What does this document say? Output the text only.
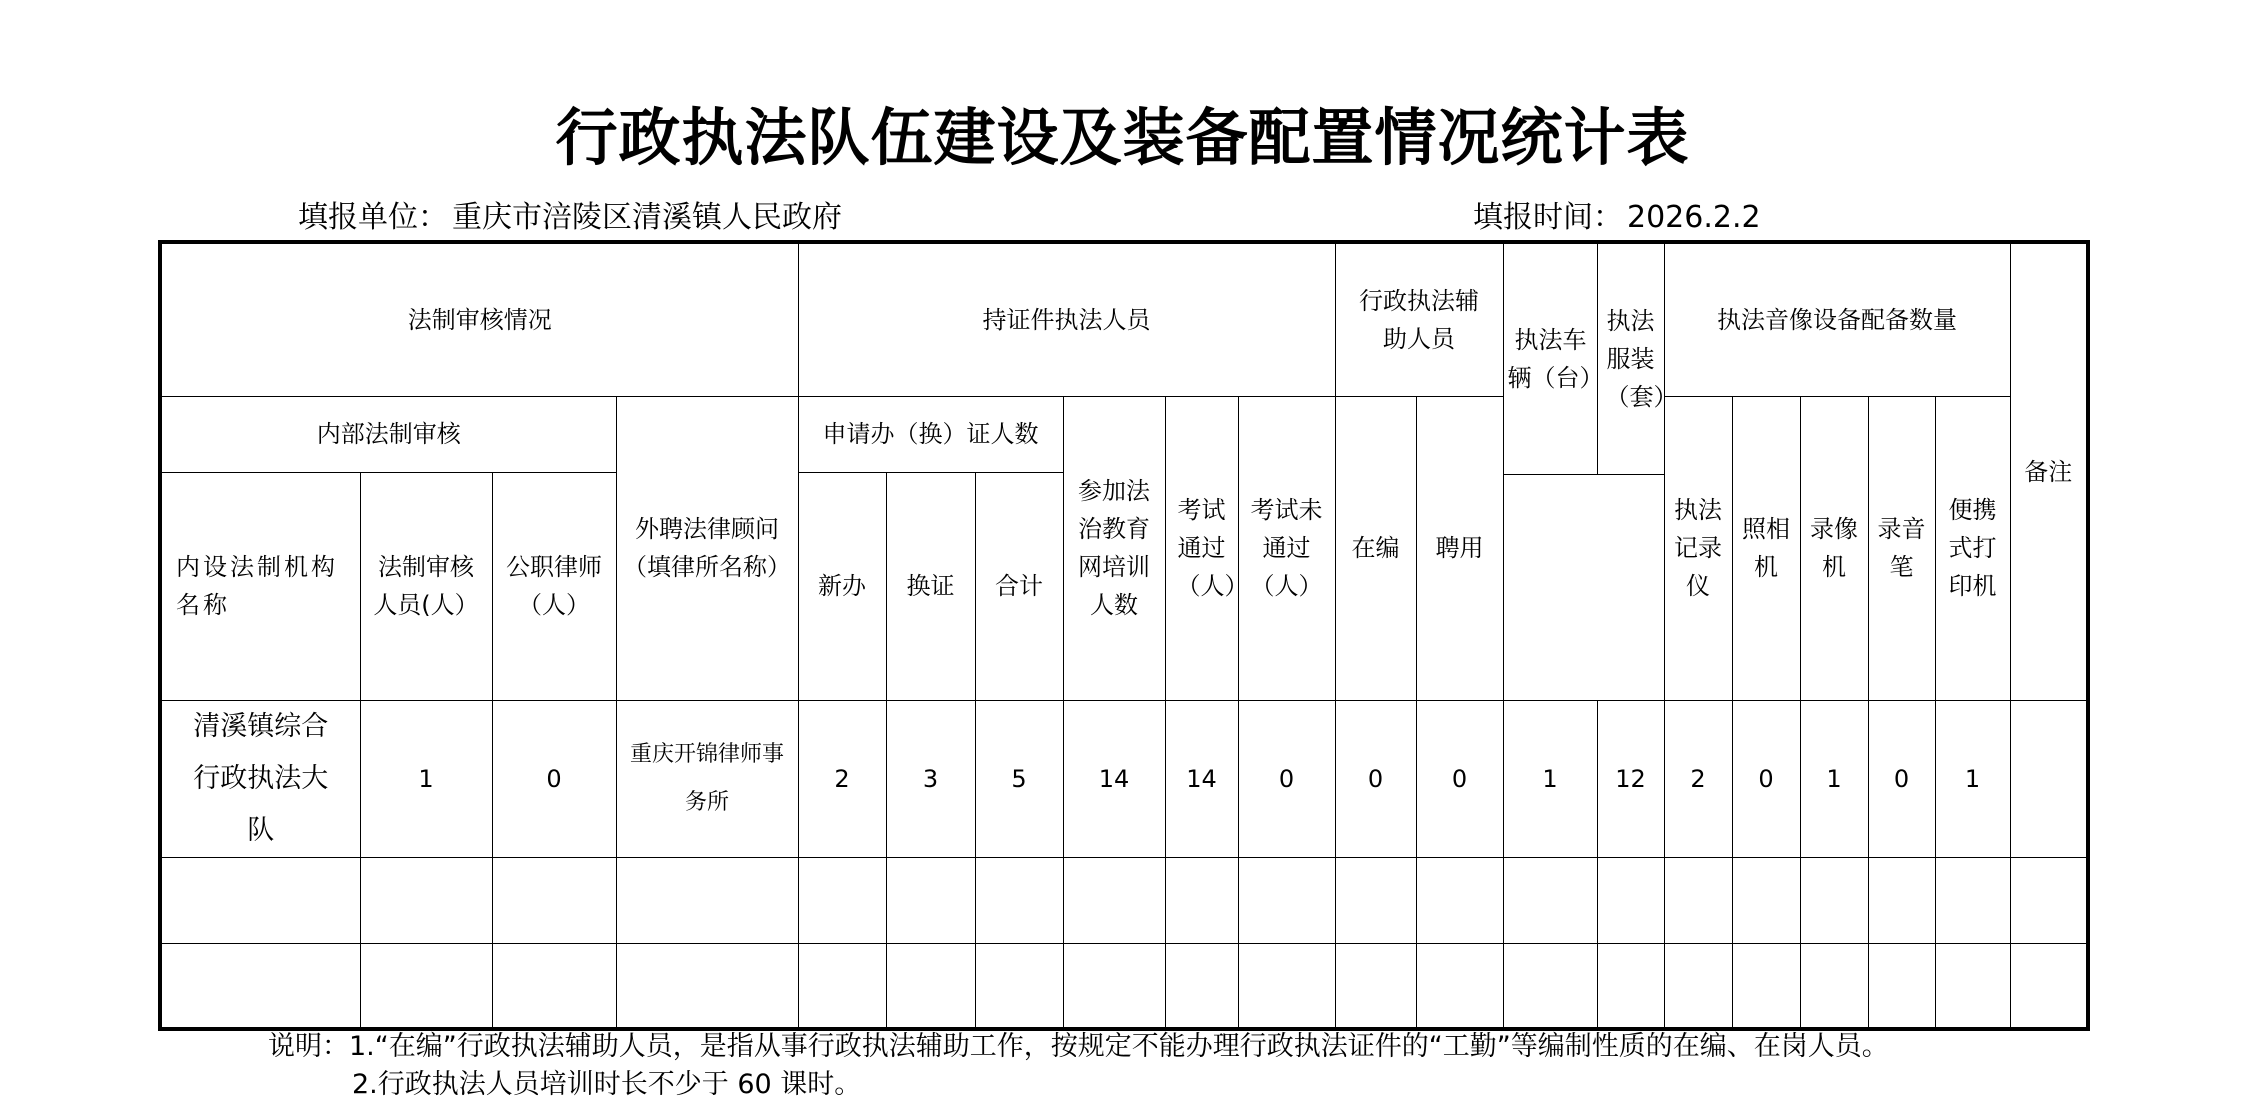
行政执法队伍建设及装备配置情况统计表
填报单位： 重庆市涪陵区清溪镇人民政府	填报时间： 2026.2.2
法制审核情况				持证件执法人员						行政执法辅助人员		执法车辆（台）	执法服装（套）	执法音像设备配备数量					备注
内部法制审核			外聘法律顾问（填律所名称）	申请办（换）证人数			参加法治教育网培训人数	考试通过（人）	考试未通过（人）	在编	聘用			执法记录仪	照相机	录像机	录音笔	便携式打印机	
内设法制机构名称	法制审核人员(人）	公职律师（人）		新办	换证	合计													

清溪镇综合行政执法大队	1	0	重庆开锦律师事务所	2	3	5	14	14	0	0	0	1	12	2	0	1	0	1	

说明：1.“在编”行政执法辅助人员，是指从事行政执法辅助工作，按规定不能办理行政执法证件的“工勤”等编制性质的在编、在岗人员。
2.行政执法人员培训时长不少于 60 课时。
